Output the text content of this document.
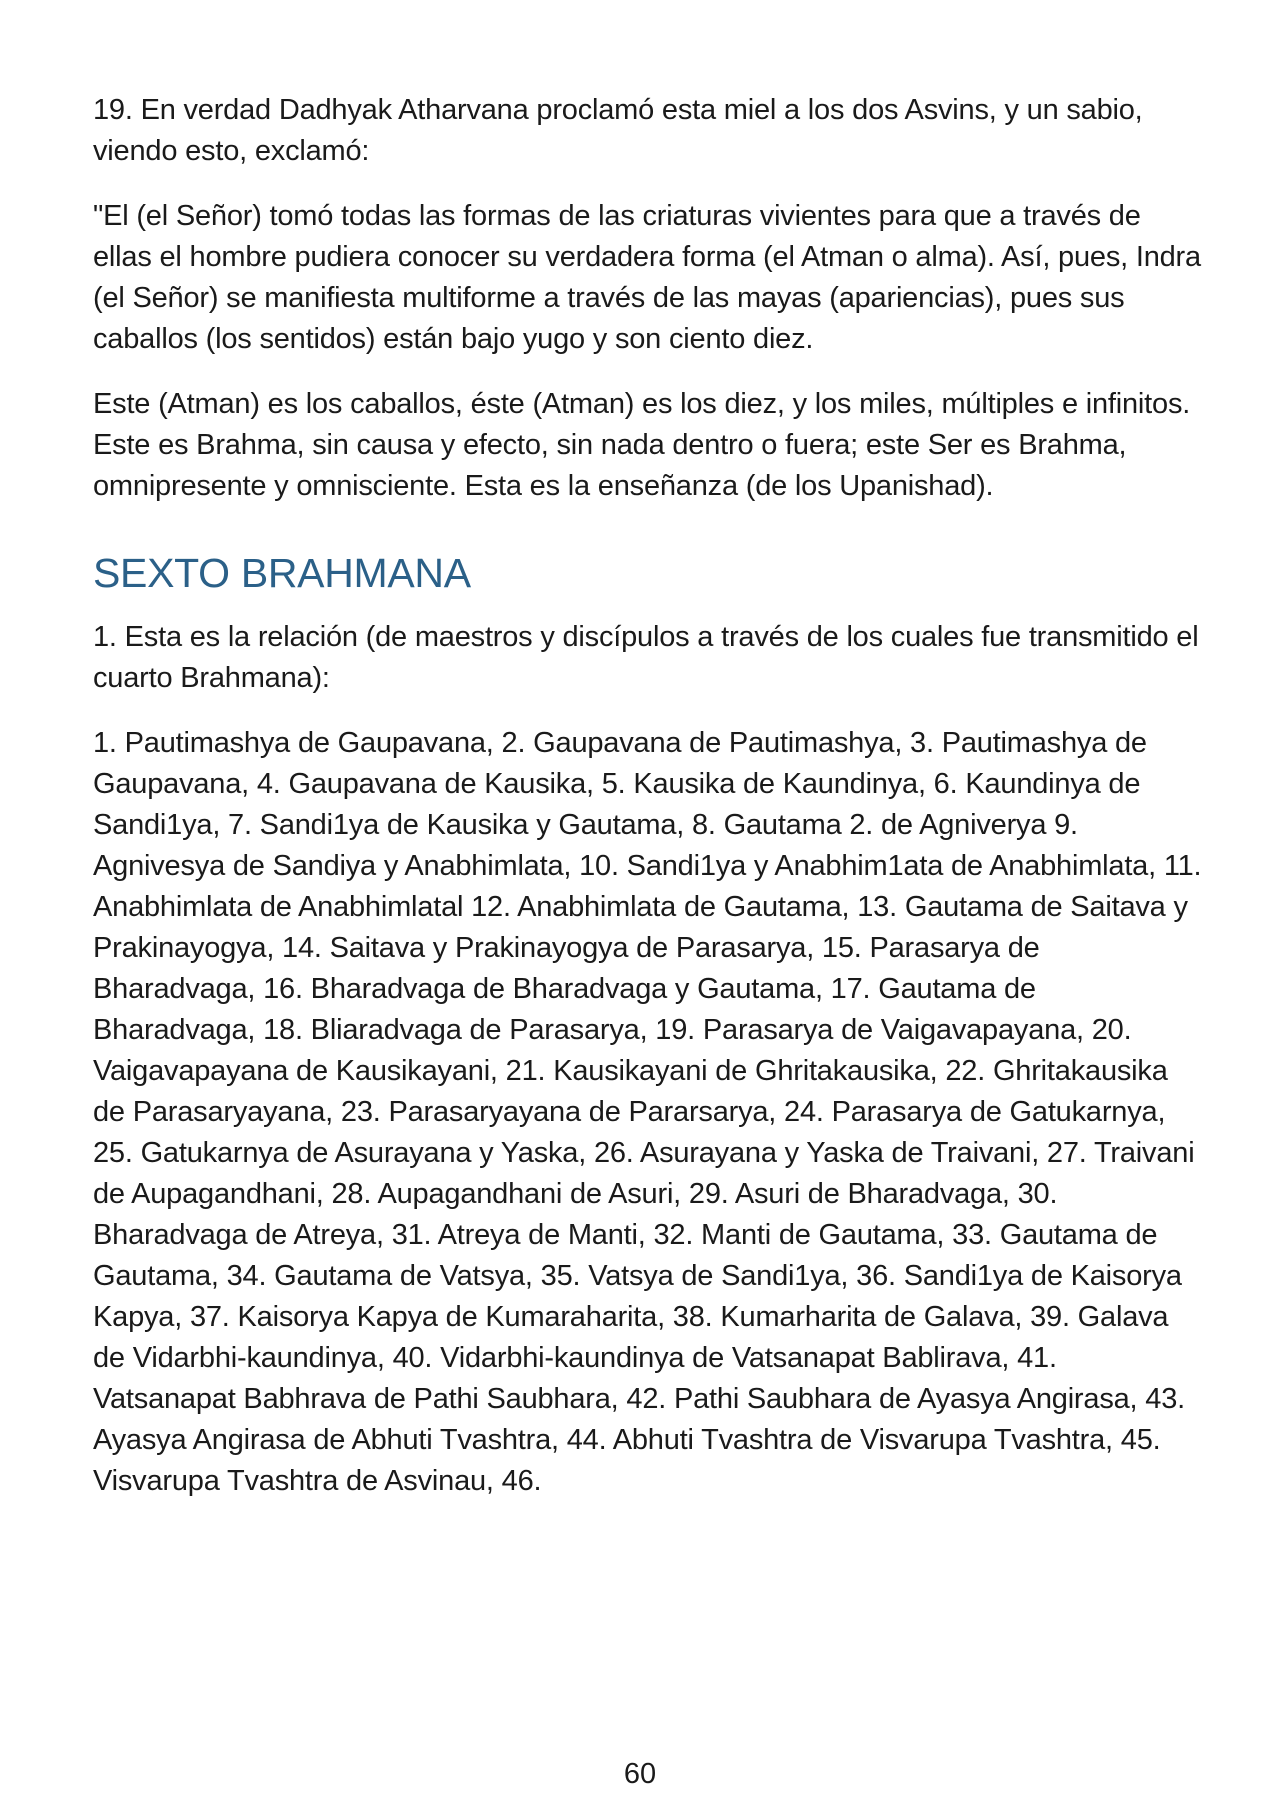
19. En verdad Dadhyak Atharvana proclamó esta miel a los dos Asvins, y un sabio, viendo esto, exclamó:

"El (el Señor) tomó todas las formas de las criaturas vivientes para que a través de ellas el hombre pudiera conocer su verdadera forma (el Atman o alma). Así, pues, Indra (el Señor) se manifiesta multiforme a través de las mayas (apariencias), pues sus caballos (los sentidos) están bajo yugo y son ciento diez.

Este (Atman) es los caballos, éste (Atman) es los diez, y los miles, múltiples e infinitos. Este es Brahma, sin causa y efecto, sin nada dentro o fuera; este Ser es Brahma, omnipresente y omnisciente. Esta es la enseñanza (de los Upanishad).

SEXTO BRAHMANA

1. Esta es la relación (de maestros y discípulos a través de los cuales fue transmitido el cuarto Brahmana):

1. Pautimashya de Gaupavana, 2. Gaupavana de Pautimashya, 3. Pautimashya de Gaupavana, 4. Gaupavana de Kausika, 5. Kausika de Kaundinya, 6. Kaundinya de Sandi1ya, 7. Sandi1ya de Kausika y Gautama, 8. Gautama 2. de Agniverya 9. Agnivesya de Sandiya y Anabhimlata, 10. Sandi1ya y Anabhim1ata de Anabhimlata, 11. Anabhimlata de Anabhimlatal 12. Anabhimlata de Gautama, 13. Gautama de Saitava y Prakinayogya, 14. Saitava y Prakinayogya de Parasarya, 15. Parasarya de Bharadvaga, 16. Bharadvaga de Bharadvaga y Gautama, 17. Gautama de Bharadvaga, 18. Bliaradvaga de Parasarya, 19. Parasarya de Vaigavapayana, 20. Vaigavapayana de Kausikayani, 21. Kausikayani de Ghritakausika, 22. Ghritakausika de Parasaryayana, 23. Parasaryayana de Pararsarya, 24. Parasarya de Gatukarnya, 25. Gatukarnya de Asurayana y Yaska, 26. Asurayana y Yaska de Traivani, 27. Traivani de Aupagandhani, 28. Aupagandhani de Asuri, 29. Asuri de Bharadvaga, 30. Bharadvaga de Atreya, 31. Atreya de Manti, 32. Manti de Gautama, 33. Gautama de Gautama, 34. Gautama de Vatsya, 35. Vatsya de Sandi1ya, 36. Sandi1ya de Kaisorya Kapya, 37. Kaisorya Kapya de Kumaraharita, 38. Kumarharita de Galava, 39. Galava de Vidarbhi-kaundinya, 40. Vidarbhi-kaundinya de Vatsanapat Bablirava, 41. Vatsanapat Babhrava de Pathi Saubhara, 42. Pathi Saubhara de Ayasya Angirasa, 43. Ayasya Angirasa de Abhuti Tvashtra, 44. Abhuti Tvashtra de Visvarupa Tvashtra, 45. Visvarupa Tvashtra de Asvinau, 46.

60
